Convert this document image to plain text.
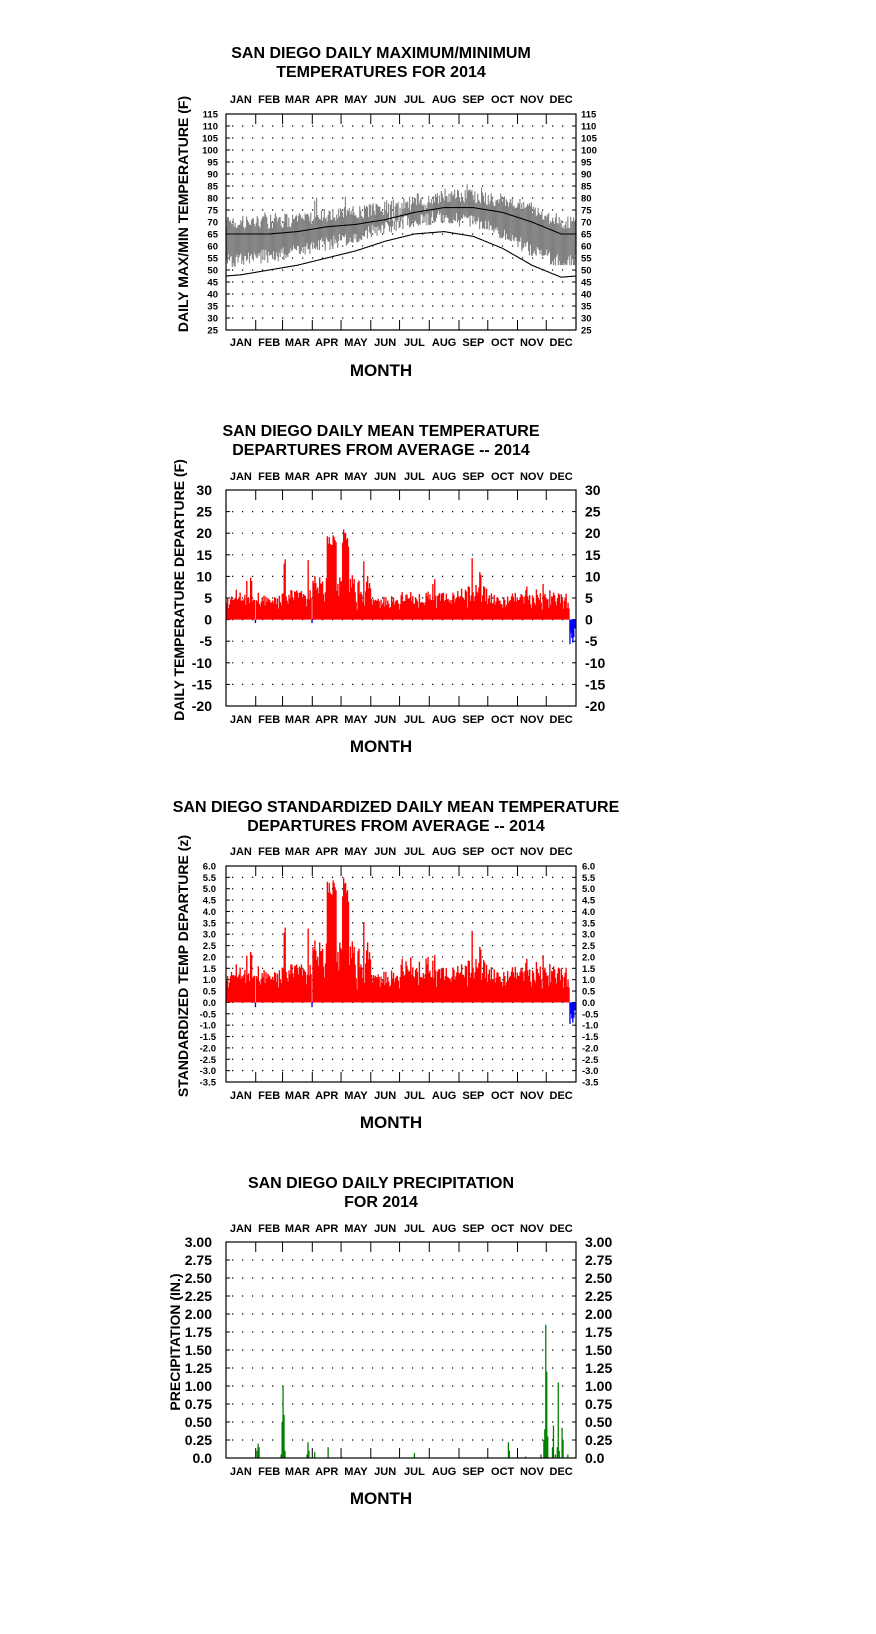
SAN DIEGO DAILY MAXIMUM/MINIMUM
TEMPERATURES FOR 2014
MONTH
DAILY MAX/MIN TEMPERATURE (F)	JAN
JAN
FEB
FEB
MAR
MAR
APR
APR
MAY
MAY
JUN
JUN
JUL
JUL
AUG
AUG
SEP
SEP
OCT
OCT
NOV
NOV
DEC
DEC
115	115
110	110
105	105
100	100
95	95
90	90
85	85
80	80
75	75
70	70
65	65
60	60
55	55
50	50
45	45
40	40
35	35
30	30
25	25
SAN DIEGO DAILY MEAN TEMPERATURE
DEPARTURES FROM AVERAGE -- 2014
MONTH
DAILY TEMPERATURE DEPARTURE (F)	JAN
JAN
FEB
FEB
MAR
MAR
APR
APR
MAY
MAY
JUN
JUN
JUL
JUL
AUG
AUG
SEP
SEP
OCT
OCT
NOV
NOV
DEC
DEC
30	30
25	25
20	20
15	15
10	10
5	5
0	0
-5	-5
-10	-10
-15	-15
-20	-20
SAN DIEGO STANDARDIZED DAILY MEAN TEMPERATURE
DEPARTURES FROM AVERAGE -- 2014
MONTH
STANDARDIZED TEMP DEPARTURE (z)	JAN
JAN
FEB
FEB
MAR
MAR
APR
APR
MAY
MAY
JUN
JUN
JUL
JUL
AUG
AUG
SEP
SEP
OCT
OCT
NOV
NOV
DEC
DEC
6.0	6.0
5.5	5.5
5.0	5.0
4.5	4.5
4.0	4.0
3.5	3.5
3.0	3.0
2.5	2.5
2.0	2.0
1.5	1.5
1.0	1.0
0.5	0.5
0.0	0.0
-0.5	-0.5
-1.0	-1.0
-1.5	-1.5
-2.0	-2.0
-2.5	-2.5
-3.0	-3.0
-3.5	-3.5
SAN DIEGO DAILY PRECIPITATION
FOR 2014
MONTH
PRECIPITATION (IN.)
JAN
JAN
FEB
FEB
MAR
MAR
APR
APR
MAY
MAY
JUN
JUN
JUL
JUL
AUG
AUG
SEP
SEP
OCT
OCT
NOV
NOV
DEC
DEC
3.00	3.00
2.75	2.75
2.50	2.50
2.25	2.25
2.00	2.00
1.75	1.75
1.50	1.50
1.25	1.25
1.00	1.00
0.75	0.75
0.50	0.50
0.25	0.25
0.0	0.0
